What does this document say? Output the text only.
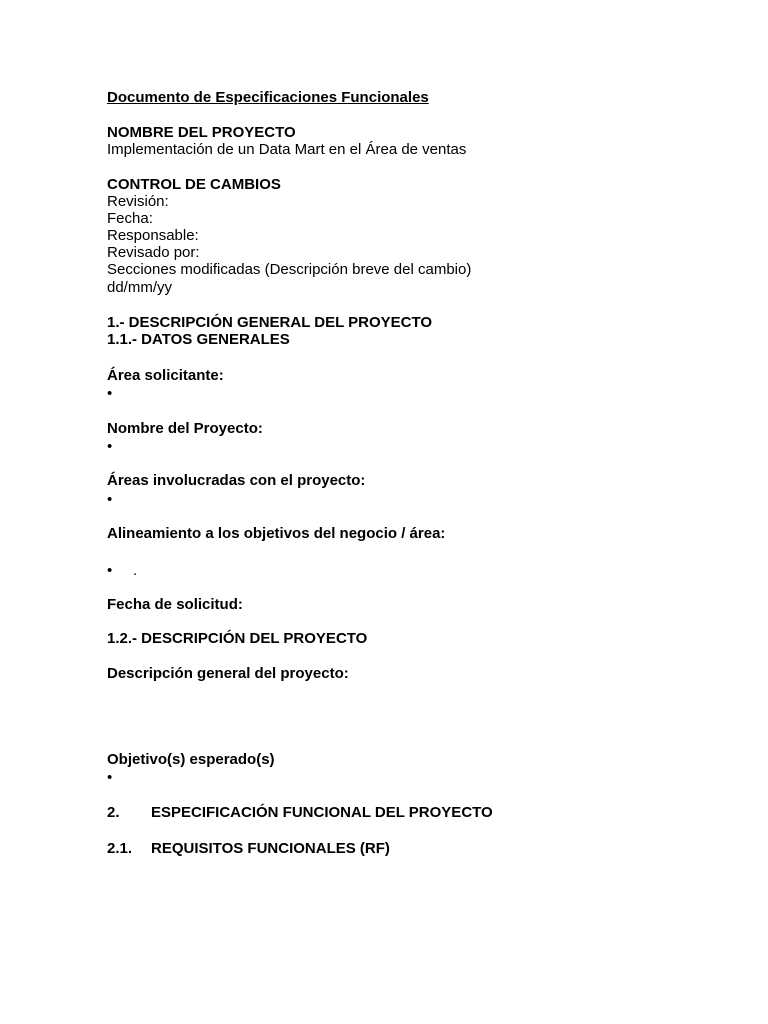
Documento de Especificaciones Funcionales
NOMBRE DEL PROYECTO
Implementación de un Data Mart en el Área de ventas
CONTROL DE CAMBIOS
Revisión:
Fecha:
Responsable:
Revisado por:
Secciones modificadas (Descripción breve del cambio)
dd/mm/yy
1.- DESCRIPCIÓN GENERAL DEL PROYECTO
1.1.- DATOS GENERALES
Área solicitante:
•
Nombre del Proyecto:
•
Áreas involucradas con el proyecto:
•
Alineamiento a los objetivos del negocio / área:
• .
Fecha de solicitud:
1.2.- DESCRIPCIÓN DEL PROYECTO
Descripción general del proyecto:
Objetivo(s) esperado(s)
•
2. ESPECIFICACIÓN FUNCIONAL DEL PROYECTO
2.1. REQUISITOS FUNCIONALES (RF)
